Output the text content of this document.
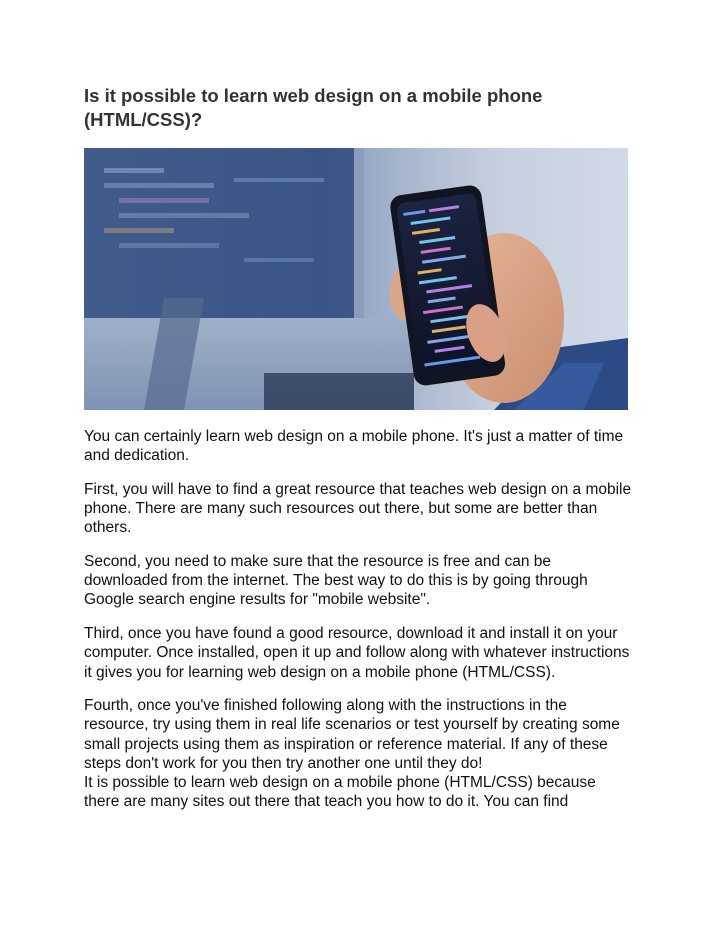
Is it possible to learn web design on a mobile phone (HTML/CSS)?

You can certainly learn web design on a mobile phone. It's just a matter of time and dedication.

First, you will have to find a great resource that teaches web design on a mobile phone. There are many such resources out there, but some are better than others.

Second, you need to make sure that the resource is free and can be downloaded from the internet. The best way to do this is by going through Google search engine results for "mobile website".

Third, once you have found a good resource, download it and install it on your computer. Once installed, open it up and follow along with whatever instructions it gives you for learning web design on a mobile phone (HTML/CSS).

Fourth, once you've finished following along with the instructions in the resource, try using them in real life scenarios or test yourself by creating some small projects using them as inspiration or reference material. If any of these steps don't work for you then try another one until they do!

It is possible to learn web design on a mobile phone (HTML/CSS) because there are many sites out there that teach you how to do it. You can find
